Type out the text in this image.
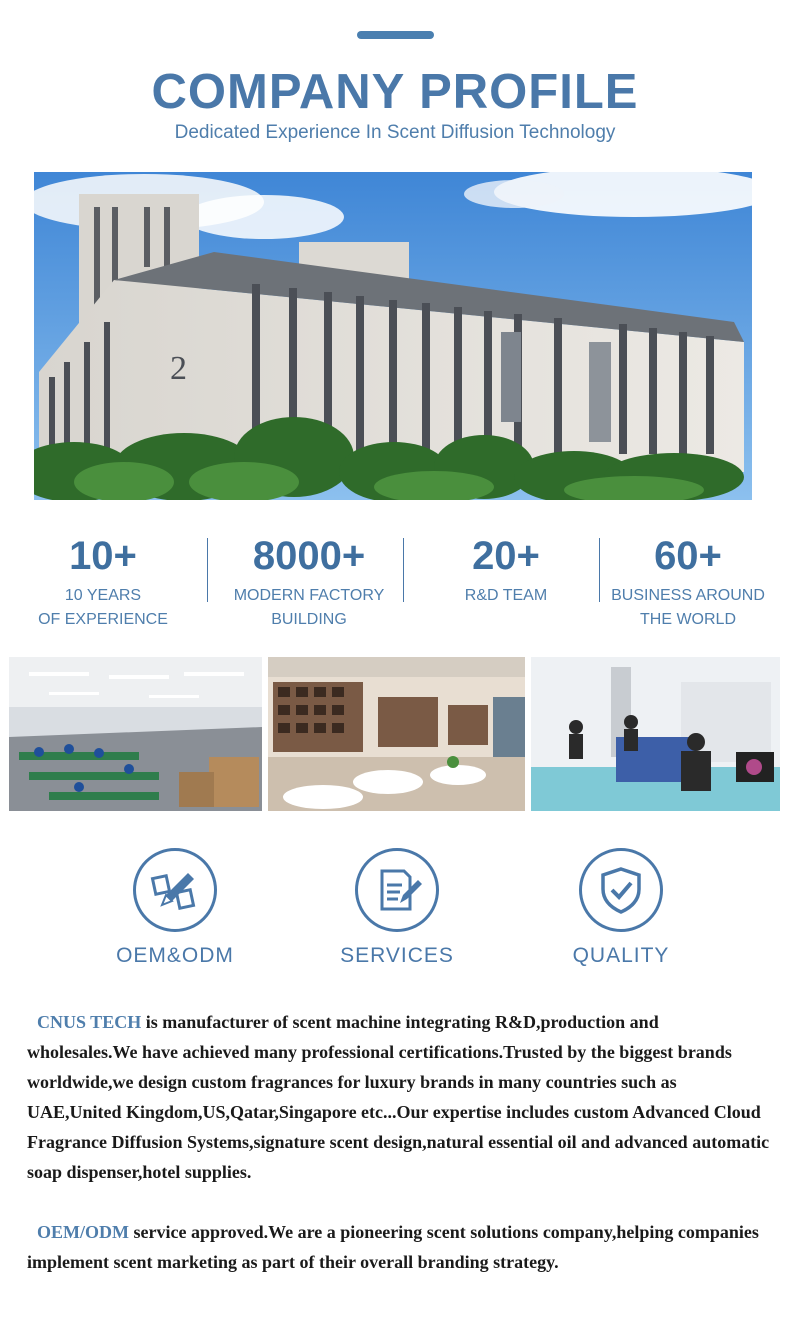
COMPANY PROFILE
Dedicated Experience In Scent Diffusion Technology
2
10+
10 YEARS
OF EXPERIENCE
8000+
MODERN FACTORY
BUILDING
20+
R&D TEAM
60+
BUSINESS AROUND
THE WORLD
OEM&ODM	SERVICES	QUALITY

CNUS TECH is manufacturer of scent machine integrating R&D,production and wholesales.We have achieved many professional certifications.Trusted by the biggest brands worldwide,we design custom fragrances for luxury brands in many countries such as UAE,United Kingdom,US,Qatar,Singapore etc...Our expertise includes custom Advanced Cloud Fragrance Diffusion Systems,signature scent design,natural essential oil and advanced automatic soap dispenser,hotel supplies.

OEM/ODM service approved.We are a pioneering scent solutions company,helping companies implement scent marketing as part of their overall branding strategy.
